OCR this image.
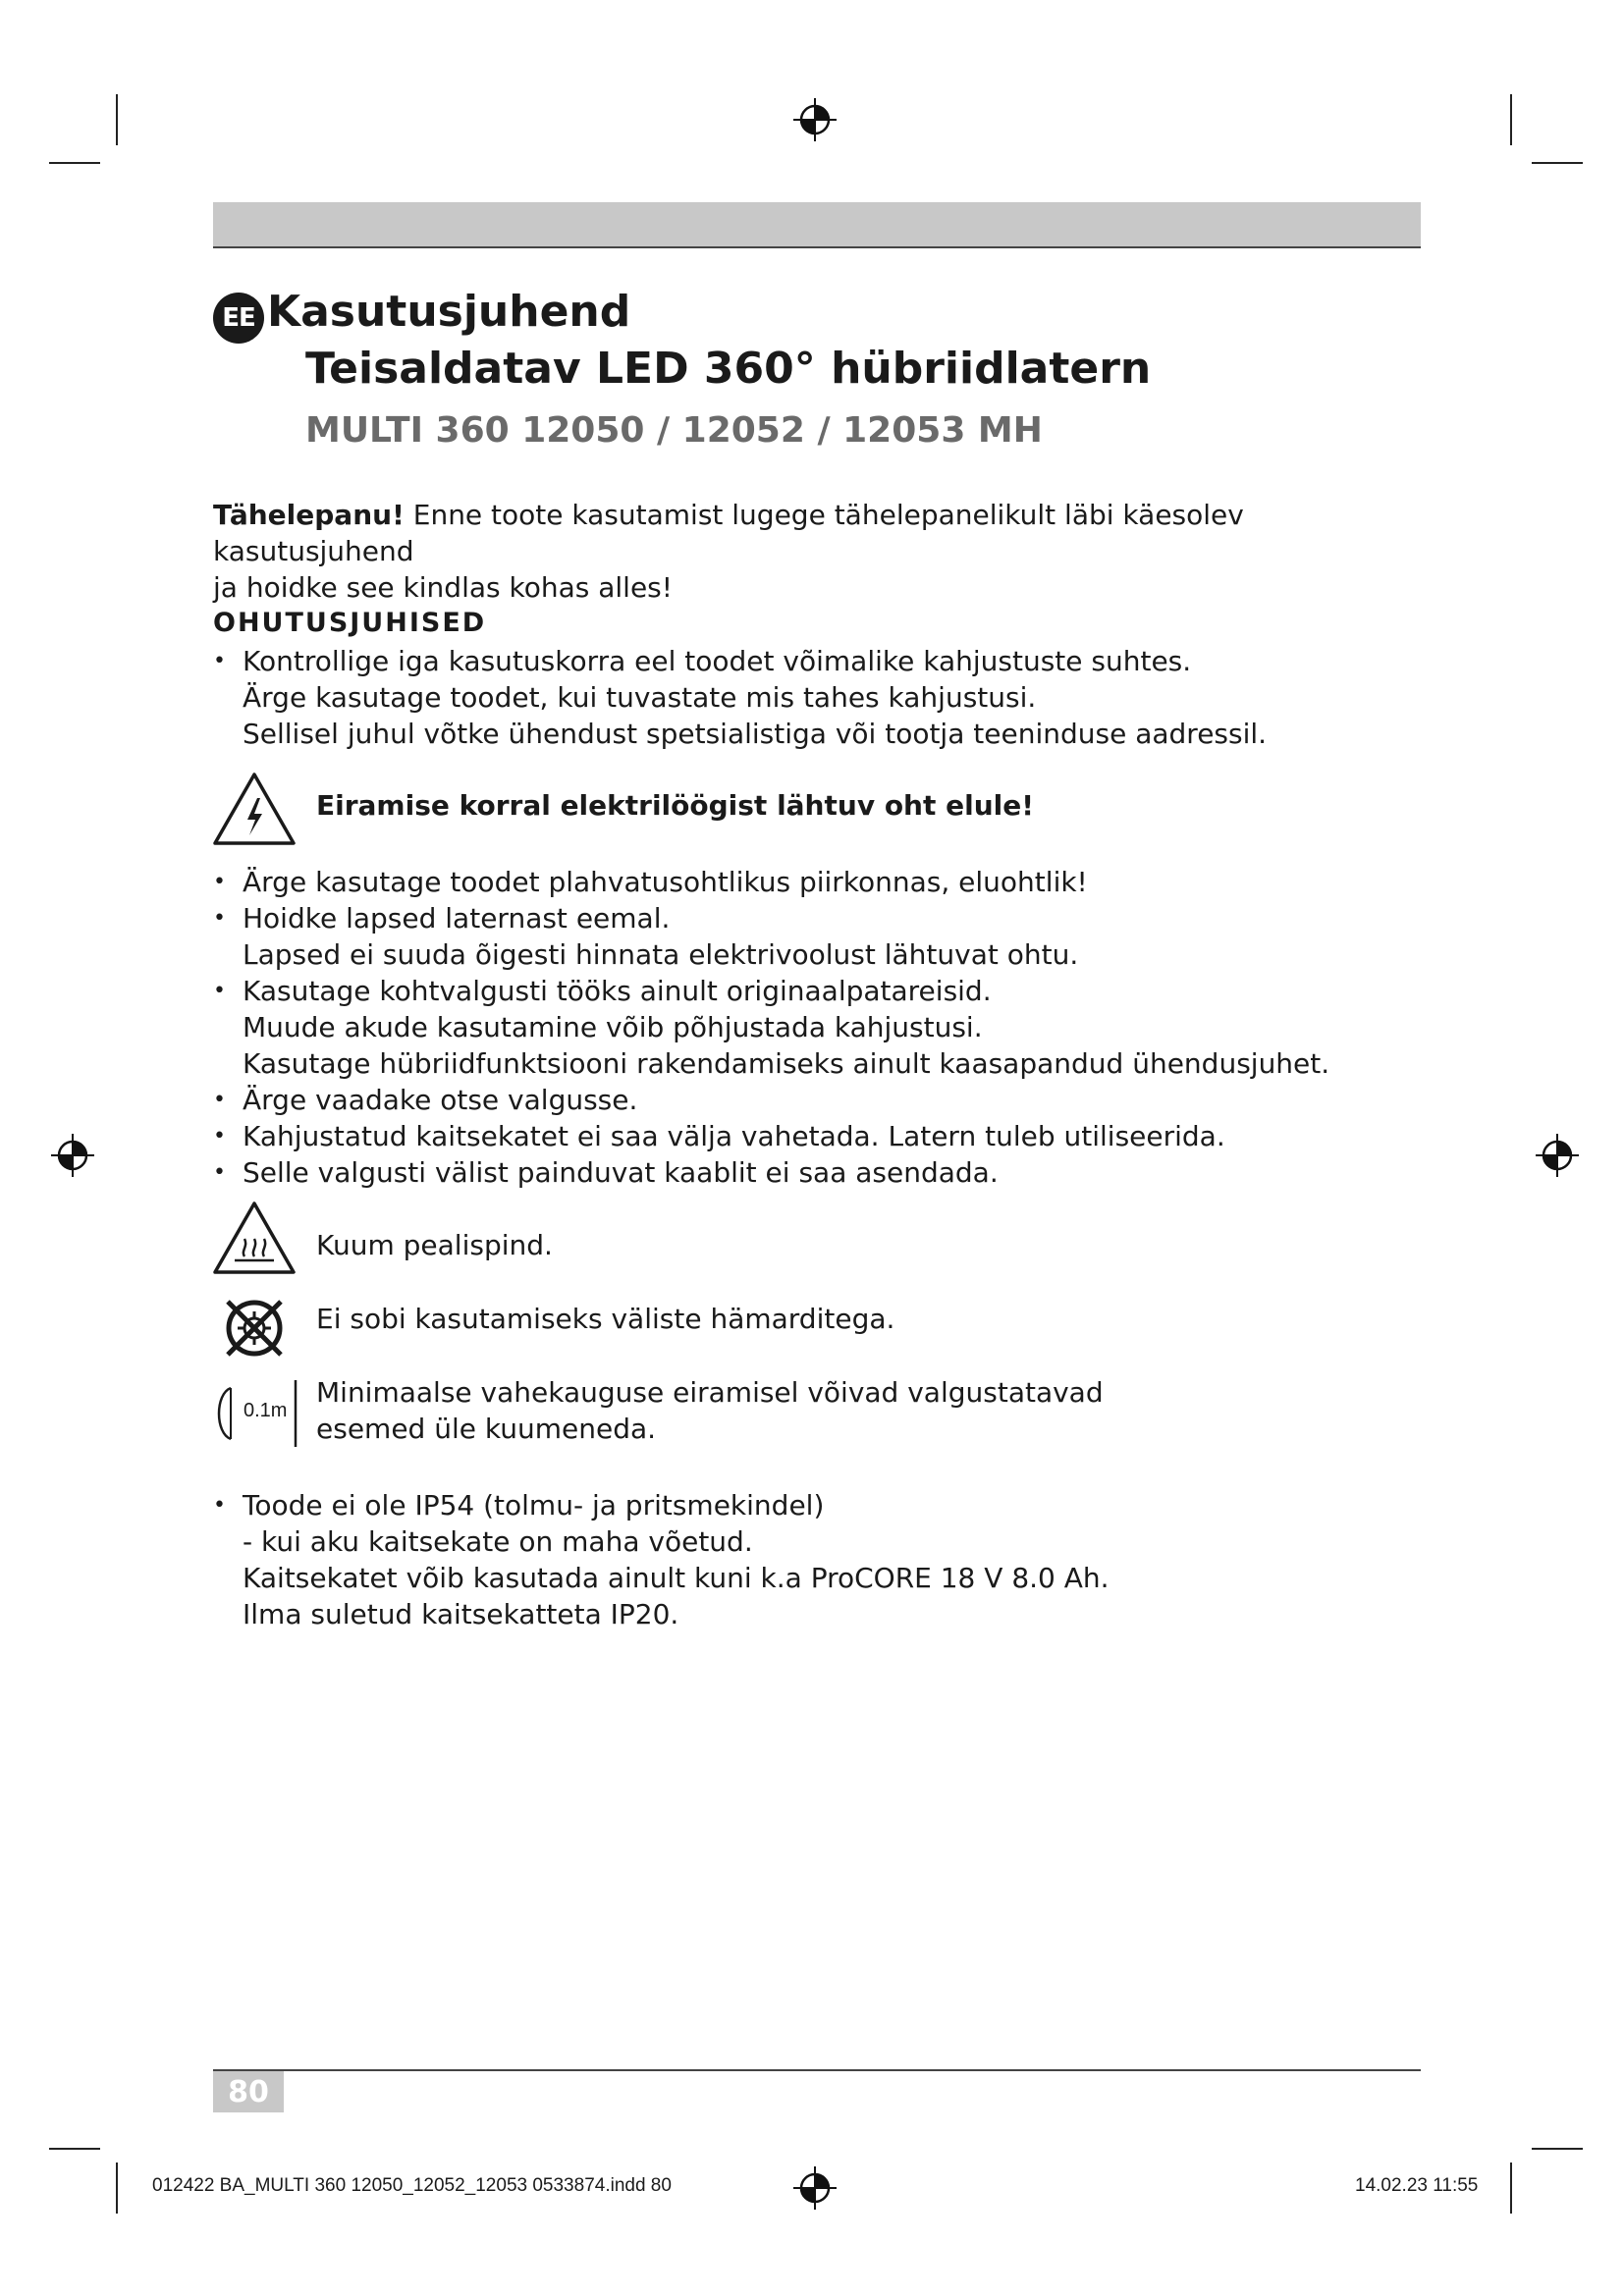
EE Kasutusjuhend
Teisaldatav LED 360° hübriidlatern
MULTI 360 12050 / 12052 / 12053 MH
Tähelepanu! Enne toote kasutamist lugege tähelepanelikult läbi käesolev kasutusjuhend
ja hoidke see kindlas kohas alles!
OHUTUSJUHISED
• Kontrollige iga kasutuskorra eel toodet võimalike kahjustuste suhtes.
Ärge kasutage toodet, kui tuvastate mis tahes kahjustusi.
Sellisel juhul võtke ühendust spetsialistiga või tootja teeninduse aadressil.
Eiramise korral elektrilöögist lähtuv oht elule!
• Ärge kasutage toodet plahvatusohtlikus piirkonnas, eluohtlik!
• Hoidke lapsed laternast eemal.
Lapsed ei suuda õigesti hinnata elektrivoolust lähtuvat ohtu.
• Kasutage kohtvalgusti tööks ainult originaalpatareisid.
Muude akude kasutamine võib põhjustada kahjustusi.
Kasutage hübriidfunktsiooni rakendamiseks ainult kaasapandud ühendusjuhet.
• Ärge vaadake otse valgusse.
• Kahjustatud kaitsekatet ei saa välja vahetada. Latern tuleb utiliseerida.
• Selle valgusti välist painduvat kaablit ei saa asendada.
Kuum pealispind.
Ei sobi kasutamiseks väliste hämarditega.
0.1m
Minimaalse vahekauguse eiramisel võivad valgustatavad
esemed üle kuumeneda.
• Toode ei ole IP54 (tolmu- ja pritsmekindel)
- kui aku kaitsekate on maha võetud.
Kaitsekatet võib kasutada ainult kuni k.a ProCORE 18 V 8.0 Ah.
Ilma suletud kaitsekatteta IP20.
80
012422 BA_MULTI 360 12050_12052_12053 0533874.indd 80	14.02.23 11:55
